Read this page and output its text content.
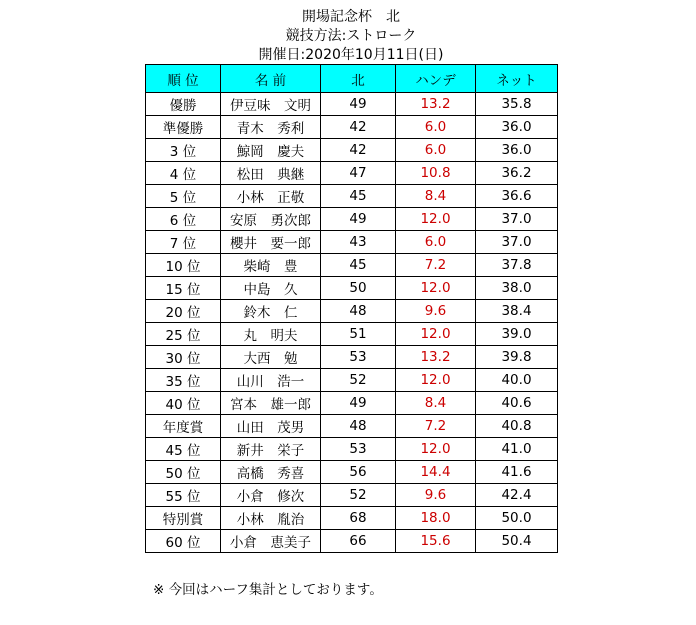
開場記念杯　北
競技方法:ストローク
開催日:2020年10月11日(日)
順 位	名 前	北	ハンデ	ネット
優勝	伊豆味　文明	49	13.2	35.8
準優勝	青木　秀利	42	6.0	36.0
3 位	鯨岡　慶夫	42	6.0	36.0
4 位	松田　典継	47	10.8	36.2
5 位	小林　正敬	45	8.4	36.6
6 位	安原　勇次郎	49	12.0	37.0
7 位	櫻井　要一郎	43	6.0	37.0
10 位	柴崎　豊	45	7.2	37.8
15 位	中島　久	50	12.0	38.0
20 位	鈴木　仁	48	9.6	38.4
25 位	丸　明夫	51	12.0	39.0
30 位	大西　勉	53	13.2	39.8
35 位	山川　浩一	52	12.0	40.0
40 位	宮本　雄一郎	49	8.4	40.6
年度賞	山田　茂男	48	7.2	40.8
45 位	新井　栄子	53	12.0	41.0
50 位	高橋　秀喜	56	14.4	41.6
55 位	小倉　修次	52	9.6	42.4
特別賞	小林　胤治	68	18.0	50.0
60 位	小倉　恵美子	66	15.6	50.4
※ 今回はハーフ集計としております。
